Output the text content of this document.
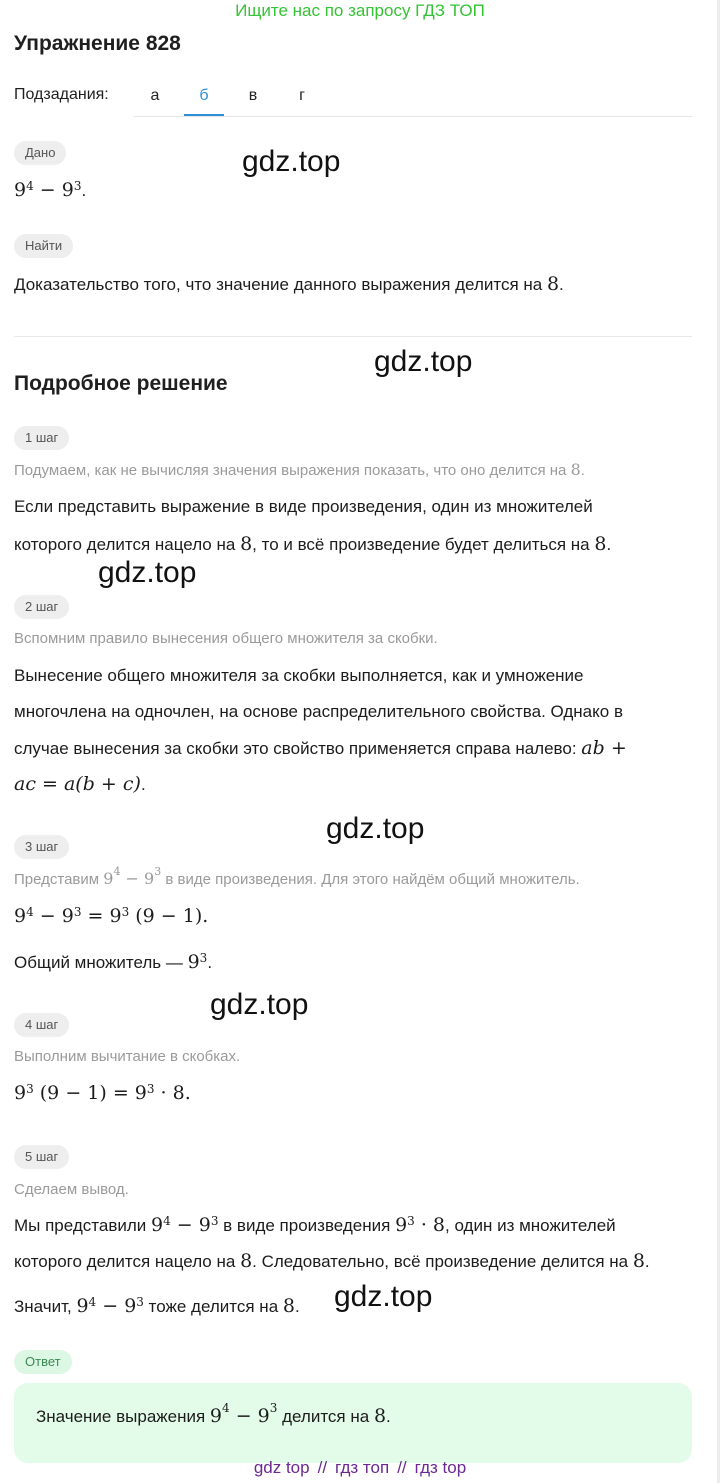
Ищите нас по запросу ГДЗ ТОП
Упражнение 828
Подзадания:	а	б	в	г
Дано
$9^4 - 9^3$.
gdz.top
Найти
Доказательство того, что значение данного выражения делится на 8.
gdz.top
Подробное решение
1 шаг
Подумаем, как не вычисляя значения выражения показать, что оно делится на 8.
Если представить выражение в виде произведения, один из множителей
которого делится нацело на 8, то и всё произведение будет делиться на 8.
gdz.top
2 шаг
Вспомним правило вынесения общего множителя за скобки.
Вынесение общего множителя за скобки выполняется, как и умножение
многочлена на одночлен, на основе распределительного свойства. Однако в
случае вынесения за скобки это свойство применяется справа налево: ab +
ac = a(b + c).
gdz.top
3 шаг
Представим $9^4 - 9^3$ в виде произведения. Для этого найдём общий множитель.
$9^4 - 9^3 = 9^3$ (9 − 1).
Общий множитель — $9^3$.
gdz.top
4 шаг
Выполним вычитание в скобках.
$9^3$ $(9 - 1) = 9^3 \cdot 8$.
5 шаг
Сделаем вывод.
Мы представили $9^4 - 9^3$ в виде произведения $9^3 \cdot 8$, один из множителей
которого делится нацело на 8. Следовательно, всё произведение делится на 8.
Значит, $9^4 - 9^3$ тоже делится на 8. gdz.top
Ответ
Значение выражения $9^4 - 9^3$ делится на 8.
gdz top // гдз топ // гдз top
